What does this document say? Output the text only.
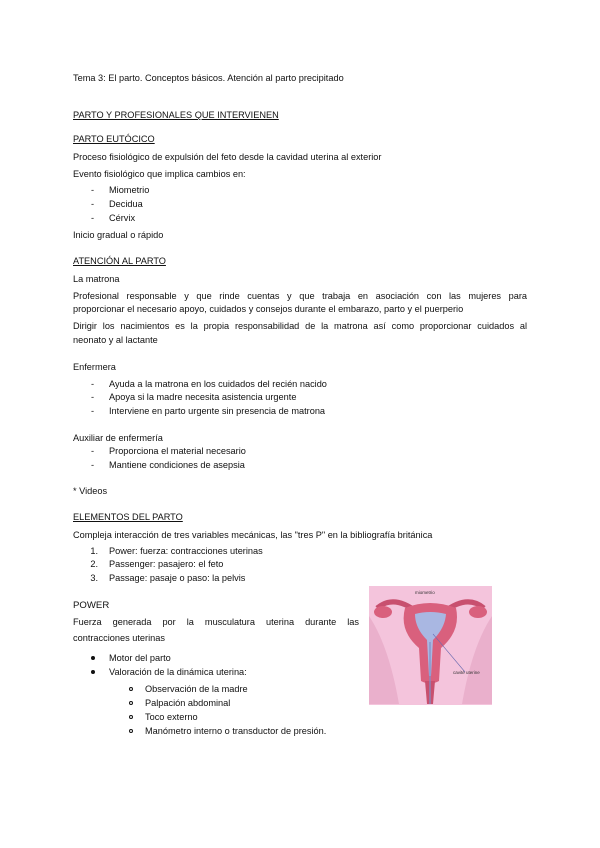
Tema 3: El parto. Conceptos básicos. Atención al parto precipitado
PARTO Y PROFESIONALES QUE INTERVIENEN
PARTO EUTÓCICO
Proceso fisiológico de expulsión del feto desde la cavidad uterina al exterior
Evento fisiológico que implica cambios en:
- Miometrio
- Decidua
- Cérvix
Inicio gradual o rápido
ATENCIÓN AL PARTO
La matrona
Profesional responsable y que rinde cuentas y que trabaja en asociación con las mujeres para
proporcionar el necesario apoyo, cuidados y consejos durante el embarazo, parto y el puerperio
Dirigir los nacimientos es la propia responsabilidad de la matrona así como proporcionar cuidados al
neonato y al lactante
Enfermera
- Ayuda a la matrona en los cuidados del recién nacido
- Apoya si la madre necesita asistencia urgente
- Interviene en parto urgente sin presencia de matrona
Auxiliar de enfermería
- Proporciona el material necesario
- Mantiene condiciones de asepsia
* Videos
ELEMENTOS DEL PARTO
Compleja interacción de tres variables mecánicas, las "tres P" en la bibliografía británica
1. Power: fuerza: contracciones uterinas
2. Passenger: pasajero: el feto
3. Passage: pasaje o paso: la pelvis
POWER
Fuerza generada por la musculatura uterina durante las
contracciones uterinas
Motor del parto
Valoración de la dinámica uterina:
Observación de la madre
Palpación abdominal
Toco externo
Manómetro interno o transductor de presión.
miometrio
cavité uterine
